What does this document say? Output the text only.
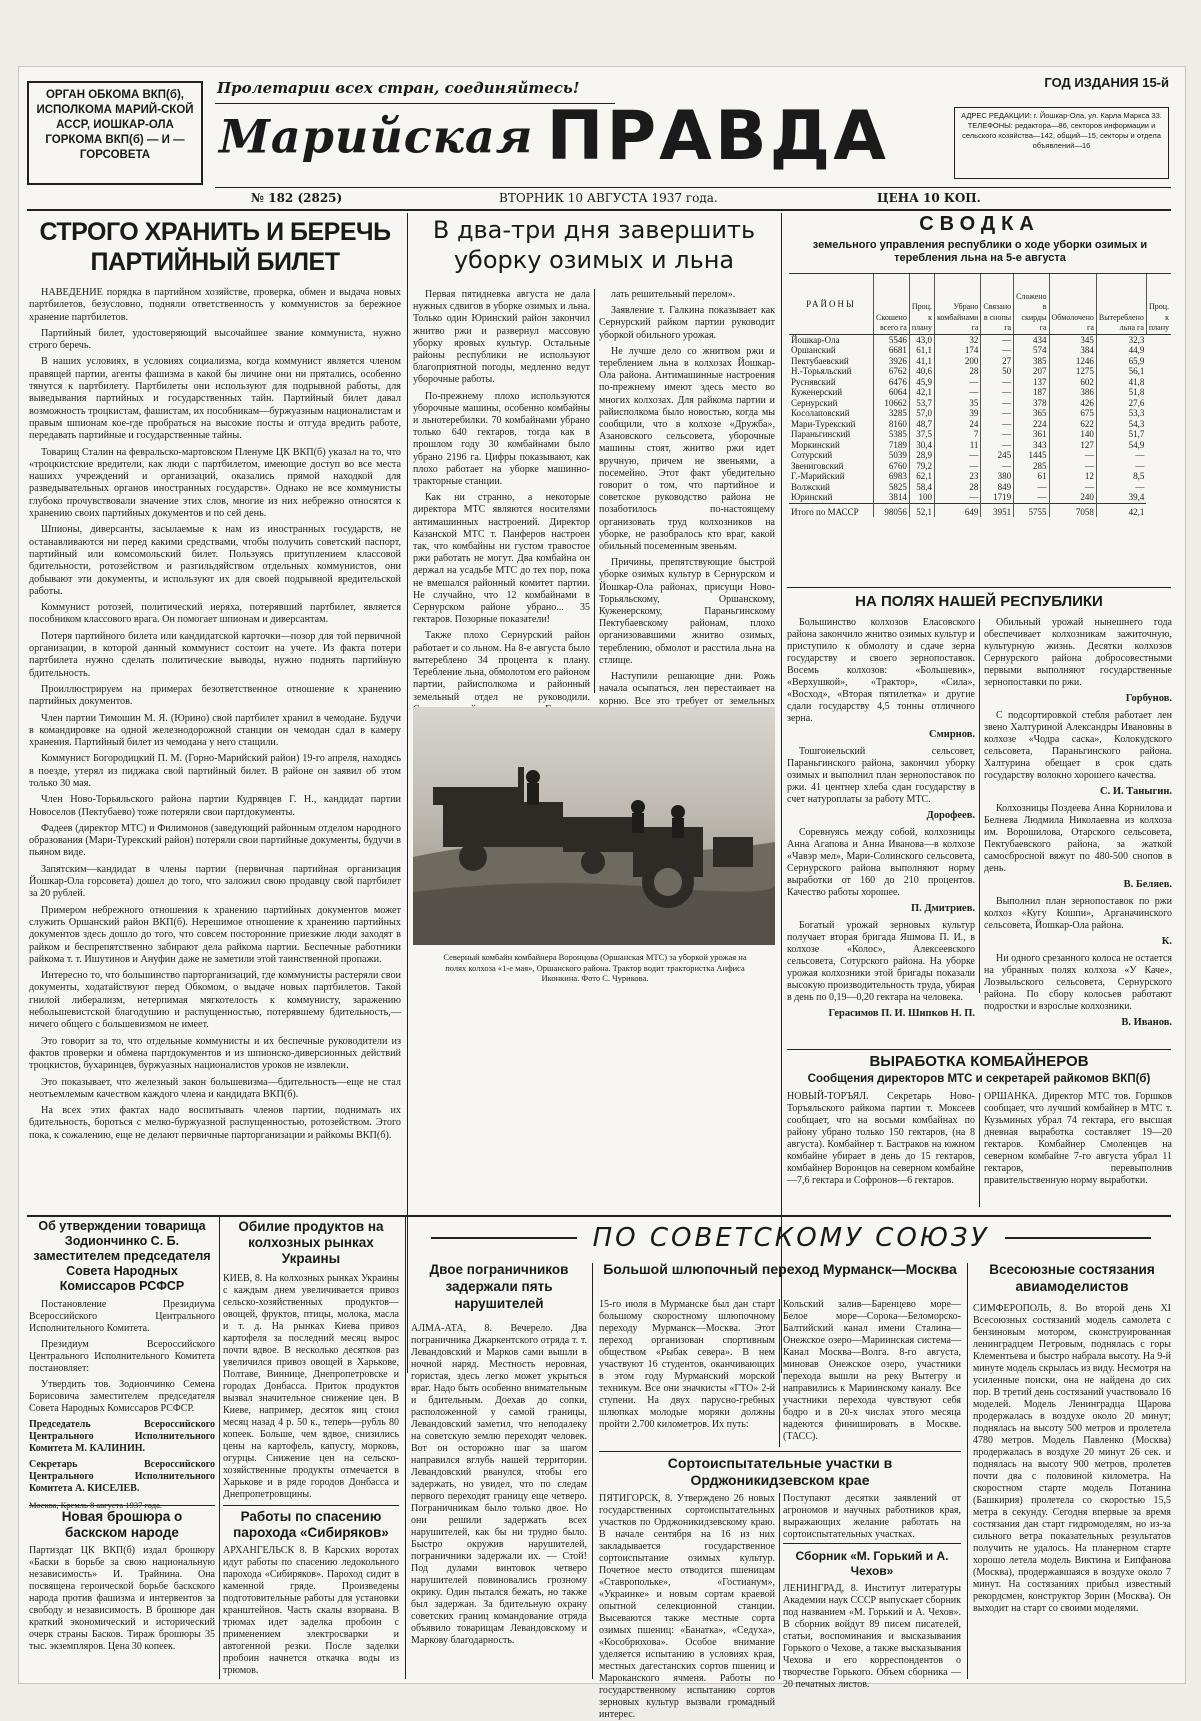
ОРГАН ОБКОМА ВКП(б), ИСПОЛКОМА МАРИЙ-СКОЙ АССР, ИОШКАР-ОЛА ГОРКОМА ВКП(б) — И — ГОРСОВЕТА
Пролетарии всех стран, соединяйтесь!
Марийская ПРАВДА
ГОД ИЗДАНИЯ 15-й
АДРЕС РЕДАКЦИИ: г. Йошкар-Ола, ул. Карла Маркса 33. ТЕЛЕФОНЫ: редактора—86, секторов информации и сельского хозяйства—142, общий—15, секторы и отдела объявлений—16
№ 182 (2825)	ВТОРНИК 10 АВГУСТА 1937 года.	ЦЕНА 10 КОП.
СТРОГО ХРАНИТЬ И БЕРЕЧЬ ПАРТИЙНЫЙ БИЛЕТ

НАВЕДЕНИЕ порядка в партийном хозяйстве, проверка, обмен и выдача новых партбилетов, безусловно, подняли ответственность у коммунистов за бережное хранение партбилетов.

Партийный билет, удостоверяющий высочайшее звание коммуниста, нужно строго беречь.

В наших условиях, в условиях социализма, когда коммунист является членом правящей партии, агенты фашизма в какой бы личине они ни прятались, особенно тянутся к партбилету. Партбилеты они используют для подрывной работы, для выведывания партийных и государственных тайн. Партийный билет давал возможность троцкистам, фашистам, их пособникам—буржуазным националистам и правым шпионам кое-где пробраться на высокие посты и отгуда вредить работе, передавать партийные и государственные тайны.

Товарищ Сталин на февральско-мартовском Пленуме ЦК ВКП(б) указал на то, что «троцкистские вредители, как люди с партбилетом, имеющие доступ во все места нашихх учреждений и организаций, оказались прямой находкой для разведывательных органов иностранных государств». Однако не все коммунисты глубоко прочувствовали значение этих слов, многие из них небрежно относятся к хранению своих партийных документов и по сей день.

Шпионы, диверсанты, засылаемые к нам из иностранных государств, не останавливаются ни перед какими средствами, чтобы получить советский паспорт, партийный или комсомольский билет. Пользуясь притуплением классовой бдительности, ротозейством и разгильдяйством отдельных коммунистов, они добывают эти документы, и используют их для своей подрывной вредительской работы.

Коммунист ротозей, политический иеряха, потерявший партбилет, является пособником классового врага. Он помогает шпионам и диверсантам.

Потеря партийного билета или кандидатской карточки—позор для той первичной организации, в которой данный коммунист состоит на учете. Из факта потери партбилета нужно сделать политические выводы, нужно поднять партийную бдительность.

Проиллюстрируем на примерах безответственное отношение к хранению партийных документов.

Член партии Тимошин М. Я. (Юрино) свой партбилет хранил в чемодане. Будучи в командировке на одной железнодорожной станции он чемодан сдал в камеру хранения. Партийный билет из чемодана у него стащили.

Коммунист Богородицкий П. М. (Горно-Марийский район) 19-го апреля, находясь в поезде, утерял из пиджака свой партийный билет. В районе он заявил об этом только 30 мая.

Член Ново-Торьяльского района партии Кудрявцев Г. Н., кандидат партии Новоселов (Пектубаево) тоже потеряли свои партдокументы.

Фадеев (директор МТС) и Филимонов (заведующий районным отделом народного образования (Мари-Турекский район) потеряли свои партийные документы, будучи в пьяном виде.

Запятским—кандидат в члены партии (первичная партийная организация Йошкар-Ола горсовета) дошел до того, что заложил свою продавцу свой партбилет за 20 рублей.

Примером небрежного отношения к хранению партийных документов может служить Оршанский район ВКП(б). Нерешимое отношение к хранению партийных документов здесь дошло до того, что совсем посторонние приезжие люди заходят в райком и беспрепятственно забирают дела райкома партии. Беспечные работники райкома т. т. Ишутинов и Ануфин даже не заметили этой таинственной пропажи.

Интересно то, что большинство парторганизаций, где коммунисты растеряли свои документы, ходатайствуют перед Обкомом, о выдаче новых партбилетов. Такой гнилой либерализм, нетерпимая мягкотелость к коммунисту, заражению небольшевистской благодушию и распущенностью, потерявшему бдительность,—ничего общего с большевизмом не имеет.

Это говорит за то, что отдельные коммунисты и их беспечные руководители из фактов проверки и обмена партдокументов и из шпионско-диверсионных действий троцкистов, бухаринцев, буржуазных националистов уроков не извлекли.

Это показывает, что железный закон большевизма—бдительность—еще не стал неотъемлемым качеством каждого члена и кандидата ВКП(б).

На всех этих фактах надо воспитывать членов партии, поднимать их бдительность, бороться с мелко-буржуазной распущенностью, ротозейством. Этого пока, к сожалению, еще не делают первичные парторганизации и райкомы ВКП(б).

В два-три дня завершить уборку озимых и льна

Первая пятидневка августа не дала нужных сдвигов в уборке озимых и льна. Только один Юринский район закончил жнитво ржи и развернул массовую уборку яровых культур. Остальные районы республики не используют благоприятной погоды, медленно ведут уборочные работы.

По-прежнему плохо используются уборочные машины, особенно комбайны и льнотеребилки. 70 комбайнами убрано только 640 гектаров, тогда как в прошлом году 30 комбайнами было убрано 2196 га. Цифры показывают, как плохо работает на уборке машинно-тракторные станции.

Как ни странно, а некоторые директора МТС являются носителями антимашинных настроений. Директор Казанской МТС т. Панферов настроен так, что комбайны ни густом травостое ржи работать не могут. Два комбайна он держал на усадьбе МТС до тех пор, пока не вмешался районный комитет партии. Не случайно, что 12 комбайнами в Сернурском районе убрано... 35 гектаров. Позорные показатели!

Также плохо Сернурский район работает и со льном. На 8-е августа было вытереблено 34 процента к плану. Теребление льна, обмолотом его районом партии, райисполкома и районный земельный отдел не руководили.

лать решительный перелом».

Заявление т. Галкина показывает как Сернурский райком партии руководит уборкой обильного урожая.

Не лучше дело со жнитвом ржи и тереблением льна в колхозах Йошкар-Ола района. Антимашинные настроения по-прежнему имеют здесь место во многих колхозах. Для райкома партии и райисполкома было новостью, когда мы сообщили, что в колхозе «Дружба», Азановского сельсовета, уборочные машины стоят, жнитво ржи идет вручную, причем не звеньями, а посемейно. Этот факт убедительно говорит о том, что партийное и советское руководство района не позаботилось по-настоящему организовать труд колхозников на уборке, не разобралось кто враг, какой обильный посеменным звеньям.

Причины, препятствующие быстрой уборке озимых культур в Сернурском и Йошкар-Ола районах, присущи Ново-Торьяльскому, Оршанскому, Куженерскому, Параньгинскому Пектубаевскому районам, плохо организовавшими жнитво озимых, тереблению, обмолот и расстила льна на стлище.

Наступили решающие дни. Рожь начала осыпаться, лен перестаивает на корню. Все это требует от земельных

Северный комбайн комбайнера Воронцова (Оршанская МТС) за уборкой урожая на полях колхоза «1-е мая», Оршанского района. Трактор водит трактористка Анфиса Иконкина. Фото С. Чурикова.
СВОДКА
земельного управления республики о ходе уборки озимых и теребления льна на 5-е августа
РАЙОНЫ	Скошено всего га	Проц. к плану	Убрано комбайнами га	Связано в снопы га	Сложено в скирды га	Обмолочено га	Вытереблено льна га	Проц. к плану
Йошкар-Ола	5546	43,0	32	—	434	345	32,3	
Оршанский	6681	61,1	174	—	574	384	44,9	
Пектубаевский	3926	41,1	200	27	385	1246	65,9	
Н.-Торьяльский	6762	40,6	28	50	207	1275	56,1	
Руснявский	6476	45,9	—	—	137	602	41,8	
Куженерский	6064	42,1	—	—	187	386	51,8	
Сернурский	10662	53,7	35	—	378	426	27,6	
Косолаповский	3285	57,0	39	—	365	675	53,3	
Мари-Турекский	8160	48,7	24	—	224	622	54,3	
Параньгинский	5385	37,5	7	—	361	140	51,7	
Моркинский	7189	30,4	11	—	343	127	54,9	
Сотурский	5039	28,9	—	245	1445	—	—	
Звениговский	6760	79,2	—	—	285	—	—	
Г.-Марийский	6983	62,1	23	380	61	12	8,5	
Волжский	5825	58,4	28	849	—	—	—	
Юринский	3814	100	—	1719	—	240	39,4	
Итого по МАССР	98056	52,1	649	3951	5755	7058	42,1	
НА ПОЛЯХ НАШЕЙ РЕСПУБЛИКИ

Большинство колхозов Еласовского района закончило жнитво озимых культур и приступило к обмолоту и сдаче зерна государству и своего зернопоставок. Восемь колхозов: «Большевик», «Верхушкой», «Трактор», «Сила», «Восход», «Вторая пятилетка» и другие сдали государству 4,5 тонны отличного зерна.

Смирнов.

Тошгоиельский сельсовет, Параньгинского района, закончил уборку озимых и выполнил план зернопоставок по ржи. 41 центнер хлеба сдан государству в счет натуроплаты за работу МТС.

Дорофеев.

Соревнуясь между собой, колхозницы Анна Агапова и Анна Иванова—в колхозе «Чавэр мел», Мари-Солинского сельсовета, Сернурского района выполняют норму выработки от 160 до 210 процентов. Качество работы хорошее.

П. Дмитриев.

Богатый урожай зерновых культур получает вторая бригада Яшмова П. И., в колхозе «Колос», Алексеевского сельсовета, Сотурского района. На уборке урожая колхозники этой бригады показали высокую производительность труда, убирая в день по 0,19—0,20 гектара на человека.

Герасимов П. И. Шипков Н. П.

Обильный урожай нынешнего года обеспечивает колхозникам зажиточную, культурную жизнь. Десятки колхозов Сернурского района добросовестными первыми выполняют государственные зернопоставки по ржи.

Горбунов.

С подсортировкой стебля работает лен звено Халтуриной Александры Ивановны в колхозе «Чодра саска», Колокудского сельсовета, Параньгинского района. Халтурина обещает в срок сдать государству волокно хорошего качества.

С. И. Таныгин.

Колхозницы Поздеева Анна Корнилова и Белнева Людмила Николаевна из колхоза им. Ворошилова, Отарского сельсовета, Пектубаевского района, за жаткой самосбросной вяжут по 480-500 снопов в день.

В. Беляев.

Выполнил план зернопоставок по ржи колхоз «Кугу Кошпи», Арганачинского сельсовета, Йошкар-Ола района.

К.

Ни одного срезанного колоса не остается на убранных полях колхоза «У Каче», Лоэвыльского сельсовета, Сернурского района. По сбору колосьев работают подростки и взрослые колхозники.

В. Иванов.
ВЫРАБОТКА КОМБАЙНЕРОВ
Сообщения директоров МТС и секретарей райкомов ВКП(б)
НОВЫЙ-ТОРЪЯЛ. Секретарь Ново-Торъяльского райкома партии т. Моксеев сообщает, что на восьми комбайнах по району убрано только 150 гектаров, (на 8 августа). Комбайнер т. Бастраков на южном комбайне убирает в день до 15 гектаров, комбайнер Воронцов на северном комбайне—7,6 гектара и Софронов—6 гектаров.
ОРШАНКА. Директор МТС тов. Горшков сообщает, что лучший комбайнер в МТС т. Кузьминых убрал 74 гектара, его высшая дневная выработка составляет 19—20 гектаров. Комбайнер Смоленцев на северном комбайне 7-го августа убрал 11 гектаров, перевыполнив правительственную норму выработки.
Об утверждении товарища Зодиончинко С. Б. заместителем председателя Совета Народных Комиссаров РСФСР

Постановление Президиума Всероссийского Центрального Исполнительного Комитета.

Президиум Всероссийского Центрального Исполнительного Комитета постановляет:

Утвердить тов. Зодиончинко Семена Борисовича заместителем председателя Совета Народных Комиссаров РСФСР.

Председатель Всероссийского Центрального Исполнительного Комитета М. КАЛИНИН.

Секретарь Всероссийского Центрального Исполнительного Комитета А. КИСЕЛЕВ.

Москва, Кремль 8 августа 1937 года.

Новая брошюра о баскском народе
Партиздат ЦК ВКП(б) издал брошюру «Баски в борьбе за свою национальную независимость» И. Трайнина. Она посвящена героической борьбе баскского народа против фашизма и интервентов за свободу и независимость. В брошюре дан краткий экономический и исторический очерк страны Басков. Тираж брошюры 35 тыс. экземпляров. Цена 30 копеек.
Обилие продуктов на колхозных рынках Украины
КИЕВ, 8. На колхозных рынках Украины с каждым днем увеличивается привоз сельско-хозяйственных продуктов—овощей, фруктов, птицы, молока, масла и т. д. На рынках Киева привоз картофеля за последний месяц вырос почти вдвое. В несколько десятков раз увеличился привоз овощей в Харькове, Полтаве, Виннице, Днепропетровске и городах Донбасса. Приток продуктов вызвал значительное снижение цен. В Киеве, например, десяток яиц стоил месяц назад 4 р. 50 к., теперь—рубль 80 копеек. Больше, чем вдвое, снизились цены на картофель, капусту, морковь, огурцы. Снижение цен на сельско-хозяйственные продукты отмечается в Харькове и в ряде городов Донбасса и Днепропетровщины.
Работы по спасению парохода «Сибиряков»
АРХАНГЕЛЬСК 8. В Карских воротах идут работы по спасению ледокольного парохода «Сибиряков». Пароход сидит в каменной гряде. Произведены подготовительные работы для установки кранштейнов. Часть скалы взорвана. В трюмах идет заделка пробоин с применением электросварки и автогенной резки. После заделки пробоин начнется откачка воды из трюмов.
ПО СОВЕТСКОМУ СОЮЗУ
Двое пограничников задержали пять нарушителей
АЛМА-АТА, 8. Вечерело. Два пограничника Джаркентского отряда т. т. Левандовский и Марков сами вышли в ночной наряд. Местность неровная, гористая, здесь легко может укрыться враг. Надо быть особенно внимательным и бдительным. Доехав до сопки, расположенной у самой границы, Левандовский заметил, что неподалеку на советскую землю переходят человек. Вот он осторожно шаг за шагом направился вглубь нашей территории. Левандовский рванулся, чтобы его задержать, но увидел, что по следам первого переходят границу еще четверо. Пограничникам было только двое. Но они решили задержать всех нарушителей, как бы ни трудно было. Быстро окружив нарушителей, пограничники задержали их. — Стой! Под дулами винтовок четверо нарушителей повиновались грозному окрику. Один пытался бежать, но также был задержан. За бдительную охрану советских границ командование отряда объявило товарищам Левандовскому и Маркову благодарность.
Большой шлюпочный переход Мурманск—Москва
15-го июля в Мурманске был дан старт большому скоростному шлюпочному переходу Мурманск—Москва. Этот переход организован спортивным обществом «Рыбак севера». В нем участвуют 16 студентов, оканчивающих в этом году Мурманский морской техникум. Все они значкисты «ГТО» 2-й ступени. На двух парусно-гребных шлюпках молодые моряки должны пройти 2.700 километров. Их путь:
Кольский залив—Баренцево море—Белое море—Сорока—Беломорско-Балтийский канал имени Сталина—Онежское озеро—Мариинская система—Канал Москва—Волга. 8-го августа, миновав Онежское озеро, участники перехода вышли на реку Вытегру и направились к Мариинскому каналу. Все участники перехода чувствуют себя бодро и в 20-х числах этого месяца надеются финишировать в Москве. (ТАСС).
Сортоиспытательные участки в Орджоникидзевском крае
ПЯТИГОРСК, 8. Утверждено 26 новых государственных сортоиспытательных участков по Орджоникидзевскому краю. В начале сентября на 16 из них закладывается государственное сортоиспытание озимых культур. Почетное место отводится пшеницам «Ставропольке», «Гостианум», «Украинке» и новым сортам краевой опытной селекционной станции. Высеваются также местные сорта озимых пшениц: «Банатка», «Седуха», «Кособрюхова». Особое внимание уделяется испытанию в условиях края, местных дагестанских сортов пшениц и Мароканского ячменя. Работы по государственному испытанию сортов зерновых культур вызвали громадный интерес.
Поступают десятки заявлений от агрономов и научных работников края, выражающих желание работать на сортоиспытательных участках.
Сборник «М. Горький и А. Чехов»
ЛЕНИНГРАД, 8. Институт литературы Академии наук СССР выпускает сборник под названием «М. Горький и А. Чехов». В сборник войдут 89 писем писателей, статьи, воспоминания и высказывания Горького о Чехове, а также высказывания Чехова и его корреспондентов о творчестве Горького. Объем сборника — 20 печатных листов.
Всесоюзные состязания авиамоделистов
СИМФЕРОПОЛЬ, 8. Во второй день XI Всесоюзных состязаний модель самолета с бензиновым мотором, сконструированная ленинградцем Петровым, поднялась с горы Клементьева и быстро набрала высоту. На 9-й минуте модель скрылась из виду. Несмотря на усиленные поиски, она не найдена до сих пор. В третий день состязаний участвовало 16 моделей. Модель Ленинградца Щарова продержалась в воздухе около 20 минут; поднялась на высоту 500 метров и пролетела 4780 метров. Модель Павленко (Москва) продержалась в воздухе 20 минут 26 сек. и поднялась на высоту 900 метров, пролетев почти два с половиной километра. На скоростном старте модель Потанина (Башкирия) пролетела со скоростью 15,5 метра в секунду. Сегодня впервые за время состязания дан старт гидромоделям, но из-за сильного ветра показательных результатов получить не удалось. На планерном старте хорошо летела модель Виктина и Еипфанова (Москва), продержавшаяся в воздухе около 7 минут. На состязаниях прибыл известный рекордсмен, конструктор Зорин (Москва). Он выходит на старт со своими моделями.
